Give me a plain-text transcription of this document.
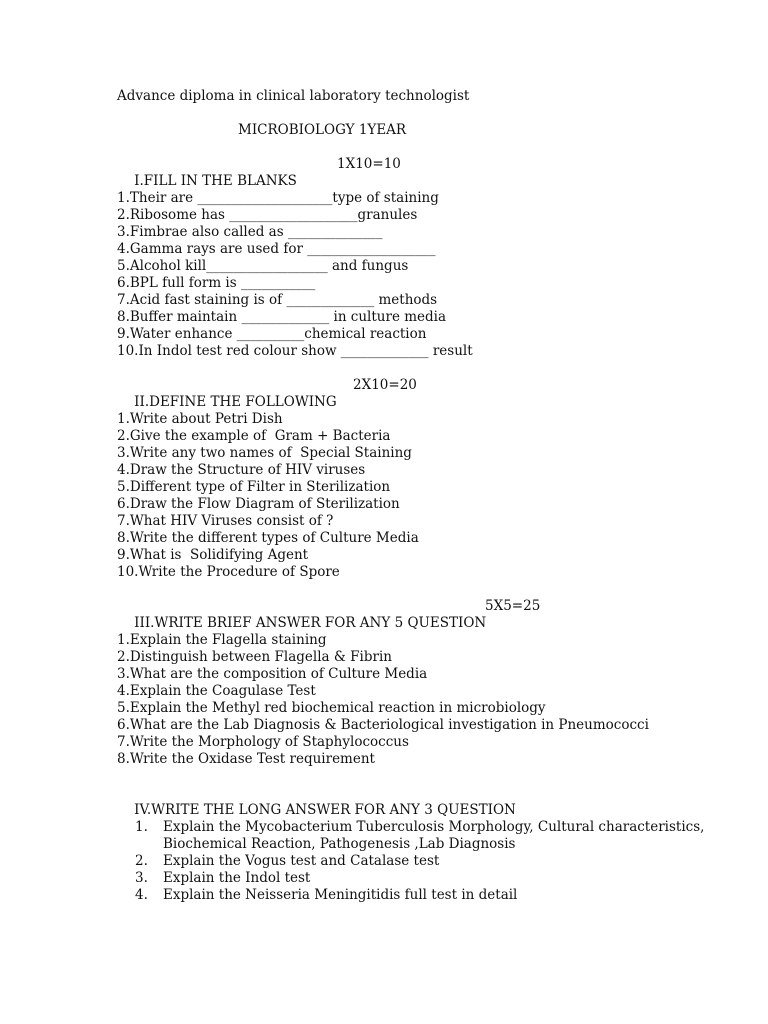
Advance diploma in clinical laboratory technologist
MICROBIOLOGY 1YEAR

I.FILL IN THE BLANKS

1X10=10

1.Their are ____________________type of staining
2.Ribosome has ___________________granules
3.Fimbrae also called as ______________
4.Gamma rays are used for ___________________
5.Alcohol kill__________________ and fungus
6.BPL full form is ___________
7.Acid fast staining is of _____________ methods
8.Buffer maintain _____________ in culture media
9.Water enhance __________chemical reaction
10.In Indol test red colour show _____________ result

II.DEFINE THE FOLLOWING

2X10=20

1.Write about Petri Dish
2.Give the example of  Gram + Bacteria
3.Write any two names of  Special Staining
4.Draw the Structure of HIV viruses
5.Different type of Filter in Sterilization
6.Draw the Flow Diagram of Sterilization
7.What HIV Viruses consist of ?
8.Write the different types of Culture Media
9.What is  Solidifying Agent
10.Write the Procedure of Spore

III.WRITE BRIEF ANSWER FOR ANY 5 QUESTION

5X5=25

1.Explain the Flagella staining
2.Distinguish between Flagella & Fibrin
3.What are the composition of Culture Media
4.Explain the Coagulase Test
5.Explain the Methyl red biochemical reaction in microbiology
6.What are the Lab Diagnosis & Bacteriological investigation in Pneumococci
7.Write the Morphology of Staphylococcus
8.Write the Oxidase Test requirement

IV.WRITE THE LONG ANSWER FOR ANY 3 QUESTION

1. Explain the Mycobacterium Tuberculosis Morphology, Cultural characteristics, Biochemical Reaction, Pathogenesis ,Lab Diagnosis
2. Explain the Vogus test and Catalase test
3. Explain the Indol test
4. Explain the Neisseria Meningitidis full test in detail
